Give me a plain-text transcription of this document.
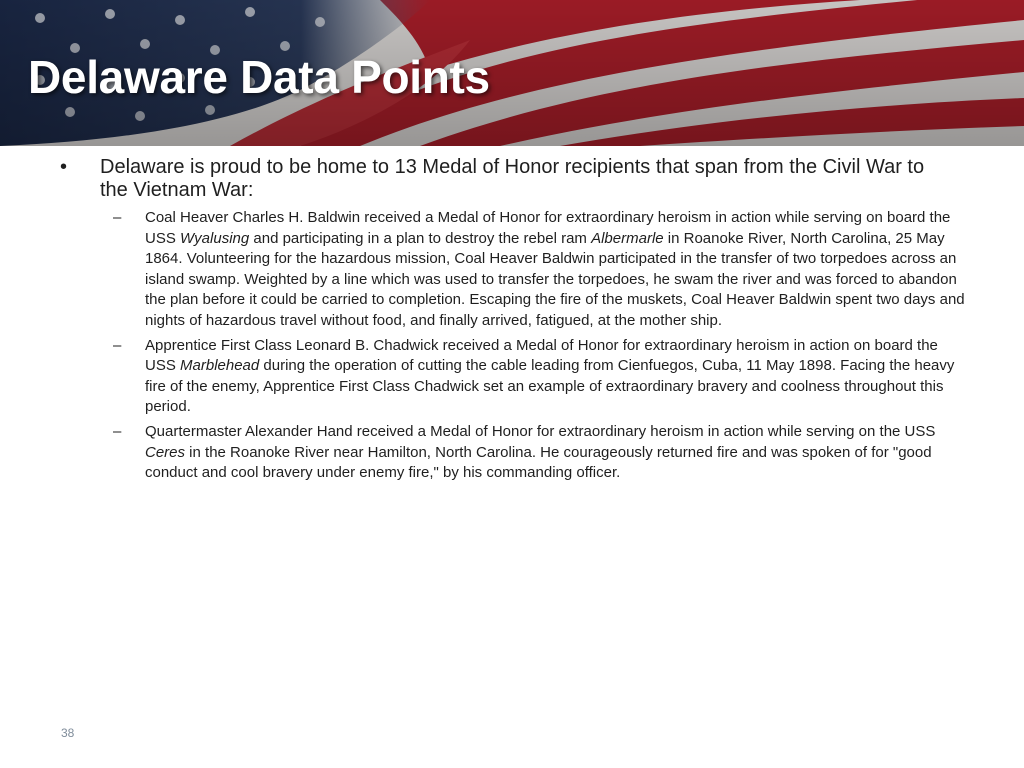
Delaware Data Points
• Delaware is proud to be home to 13 Medal of Honor recipients that span from the Civil War to the Vietnam War:
– Coal Heaver Charles H. Baldwin received a Medal of Honor for extraordinary heroism in action while serving on board the USS Wyalusing and participating in a plan to destroy the rebel ram Albermarle in Roanoke River, North Carolina, 25 May 1864. Volunteering for the hazardous mission, Coal Heaver Baldwin participated in the transfer of two torpedoes across an island swamp. Weighted by a line which was used to transfer the torpedoes, he swam the river and was forced to abandon the plan before it could be carried to completion. Escaping the fire of the muskets, Coal Heaver Baldwin spent two days and nights of hazardous travel without food, and finally arrived, fatigued, at the mother ship.
– Apprentice First Class Leonard B. Chadwick received a Medal of Honor for extraordinary heroism in action on board the USS Marblehead during the operation of cutting the cable leading from Cienfuegos, Cuba, 11 May 1898. Facing the heavy fire of the enemy, Apprentice First Class Chadwick set an example of extraordinary bravery and coolness throughout this period.
– Quartermaster Alexander Hand received a Medal of Honor for extraordinary heroism in action while serving on the USS Ceres in the Roanoke River near Hamilton, North Carolina. He courageously returned fire and was spoken of for "good conduct and cool bravery under enemy fire," by his commanding officer.
38
